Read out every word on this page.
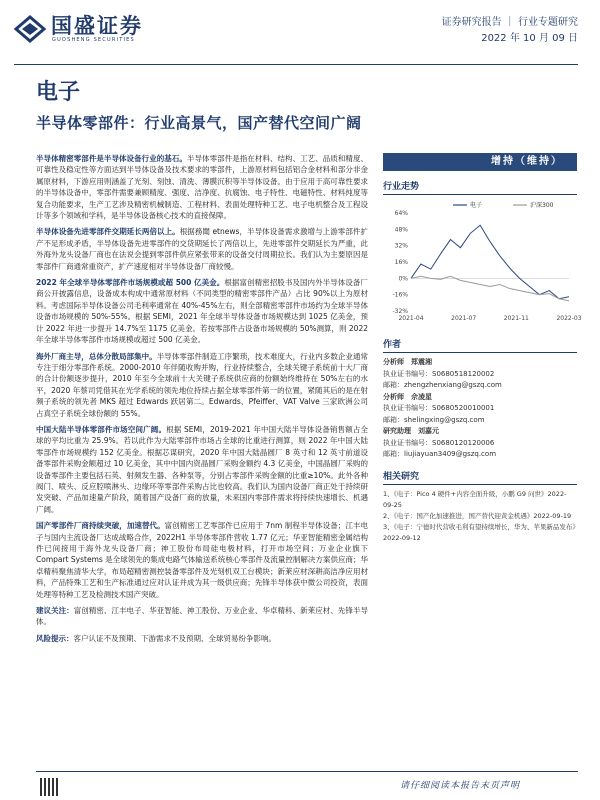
国盛证券
GUOSHENG SECURITIES
证券研究报告 ｜ 行业专题研究
2022 年 10 月 09 日
电子
半导体零部件：行业高景气，国产替代空间广阔

半导体精密零部件是半导体设备行业的基石。半导体零部件是指在材料、结构、工艺、品质和精度、可靠性及稳定性等方面达到半导体设备及技术要求的零部件，上游原材料包括铝合金材料和部分非金属原材料，下游应用则涵盖了光刻、刻蚀、清洗、薄膜沉积等半导体设备。由于应用于高可靠性要求的半导体设备中，零部件需要兼顾精度、强度、洁净度、抗腐蚀、电子特性、电磁特性、材料纯度等复合功能要求，生产工艺涉及精密机械制造、工程材料、表面处理特种工艺、电子电机整合及工程设计等多个领域和学科，是半导体设备核心技术的直接保障。

半导体设备先进零部件交期延长两倍以上。根据務聞 etnews，半导体设备需求激增与上游零部件扩产不足形成矛盾，半导体设备先进零部件的交货期延长了两倍以上，先进零部件交期延长为严重，此外海外龙头设备厂商也在法说会提到零部件供应紧张带来的设备交付周期拉长。我们认为主要原因是零部件厂商通常重资产，扩产速度相对半导体设备厂商较慢。

2022 年全球半导体零部件市场规模或超 500 亿美金。根据富创精密招股书及国内外半导体设备厂商公开披露信息，设备成本构成中通常原材料（不同类型的精密零部件产品）占比 90%以上为原材料。考虑国际半导体设备公司毛利率通常在 40%-45%左右，则全部精密零部件市场约为全球半导体设备市场规模的 50%-55%。根据 SEMI，2021 年全球半导体设备市场规模达到 1025 亿美金，预计 2022 年进一步提升 14.7%至 1175 亿美金。若按零部件占设备市场规模的 50%测算，则 2022 年全球半导体零部件市场规模或超过 500 亿美金。

海外厂商主导，总体分散局部集中。半导体零部件制造工序繁琐，技术难度大，行业内多数企业通常专注于细分零部件系统。2000-2010 年伴随收购并购，行业持续整合，全球关键子系统前十大厂商的合计份额逐步提升，2010 年至今全球前十大关键子系统供应商的份额始终维持在 50%左右的水平，2020 年蔡司凭借其在光学系统的领先地位持续占据全球零部件第一的位置，紧随其后的是在射频子系统的领先者 MKS 超过 Edwards 跃居第二。Edwards、Pfeiffer、VAT Valve 三家欧洲公司占真空子系统全球份额的 55%。

中国大陆半导体零部件市场空间广阔。根据 SEMI，2019-2021 年中国大陆半导体设备销售额占全球的平均比重为 25.9%。若以此作为大陆零部件市场占全球的比重进行测算，则 2022 年中国大陆零部件市场规模约 152 亿美金。根据芯谋研究，2020 年中国大陆晶圆厂 8 英寸和 12 英寸前道设备零部件采购金额超过 10 亿美金，其中中国内资晶圆厂采购金额约 4.3 亿美金，中国晶圆厂采购的设备零部件主要包括石英、射频发生器、各种泵等，分别占零部件采购金额的比重≥10%。此外各种阀门、喷头、反应腔喷淋头、边缘环等零部件采购占比也较高。我们认为国内设备厂商正处于持续研发突破、产品加速量产阶段，随着国产设备厂商的放量，未来国内零部件需求将持续快速增长、机遇广阔。

国产零部件厂商持续突破，加速替代。富创精密工艺零部件已应用于 7nm 制程半导体设备；江丰电子与国内主流设备厂达成战略合作，2022H1 半导体零部件营收 1.77 亿元；华亚智能精密金属结构件已间接用于海外龙头设备厂商；神工股份布局硅电极材料，打开市场空间；万业企业旗下 Compart Systems 是全球领先的集成电路气体输送系统核心零部件及流量控制解决方案供应商；华卓精科聚焦清华大学，布局超精密测控装备零部件及光刻机双工台模块；新莱应材深耕高洁净应用材料，产品特殊工艺和生产标准通过应对认证并成为其一级供应商；先锋半导体获中微公司投资，表面处理等特种工艺及检测技术国产突破。

建议关注：富创精密、江丰电子、华亚智能、神工股份、万业企业、华卓精科、新莱应材、先锋半导体。

风险提示：客户认证不及预期、下游需求不及预期、全球贸易纷争影响。

增持（维持）
行业走势
64%
48%
32%
16%
0%
-16%
-32%
2021-04	2021-07	2021-11	2022-03
电子	沪深300
作者
分析师　 郑震湘
执业证书编号：S0680518120002
邮箱：zhengzhenxiang@gszq.com
分析师　 佘凌星
执业证书编号：S0680520010001
邮箱：shelingxing@gszq.com
研究助理　 刘嘉元
执业证书编号：S0680120120006
邮箱：liujiayuan3409@gszq.com
相关研究
1、《电子：Pico 4 硬件+内容全面升级，小鹏 G9 问世》2022-09-25
2、《电子：国产化加速推进，国产替代迎黄金机遇》2022-09-19
3、《电子：宁德时代营收毛利有望持续增长，华为、苹果新品发布》2022-09-12
请仔细阅读本报告末页声明
